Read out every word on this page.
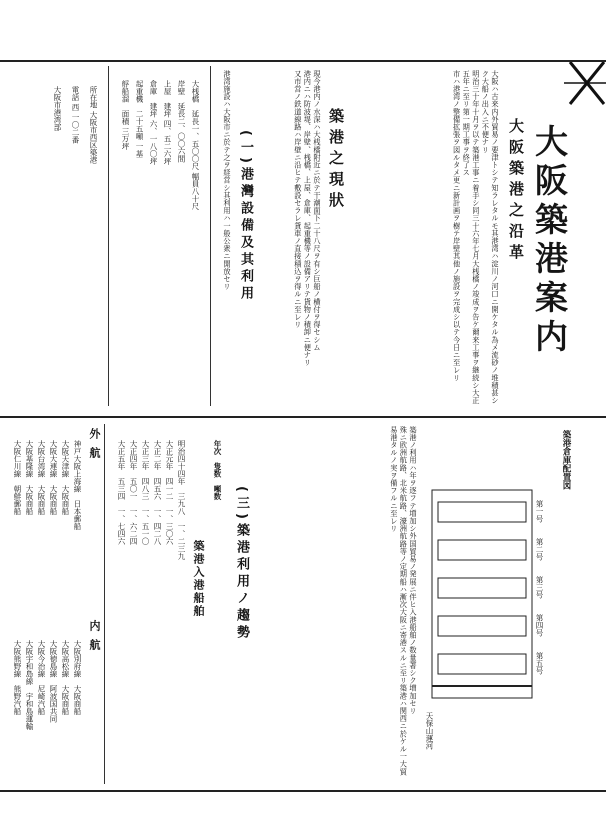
大阪築港案内
大阪築港之沿革

大阪ハ古来内外貿易ノ要津トシテ知ラレタルモ其港湾ハ淀川ノ河口ニ開ケタル為メ流砂ノ堆積甚シク大船ノ出入ニ不便ナリ

明治三十年十月ヲ以テ築港工事ニ着手シ同三十六年七月大桟橋ノ竣成ヲ告ケ爾来工事ヲ継続シ大正五年ニ至リ第一期工事ヲ終了ス

市ハ港湾ノ整備拡張ヲ図ルタメ更ニ新計画ヲ樹テ岸壁其他ノ施設ヲ完成シ以テ今日ニ至レリ

築港之現狀

現今港内ノ水深ハ大桟橋附近ニ於テ干潮面下二十八尺ヲ有シ巨船ノ横付ヲ得セシム

港内ニハ防波堤、岸壁、桟橋、上屋、倉庫、起重機等ノ設備アリテ貨物ノ積卸ニ便ナリ

又市営ノ鉄道線路ハ岸壁ニ沿ヒテ敷設セラレ貨車ノ直接積込ヲ得ルニ至レリ

(一)港灣設備及其利用

港湾施設ハ大阪市ニ於テ之ヲ経営シ其利用ハ一般公衆ニ開放セリ

大桟橋　延長一、五〇〇尺 幅員八十尺
岸壁　延長二、〇〇六間
上屋　建坪 四、五二六坪
倉庫　建坪 六、一八〇坪
起重機　二十五噸 一基
艀船溜　面積 三万坪
所在地 大阪市西区築港
電話 西 一〇二番
大阪市港湾部
第一号
第二号
第三号
第四号
第五号
築港倉庫配置図
天保山運河
(三)築港利用ノ趨勢	築港ノ利用ハ年ヲ逐フテ増加シ外国貿易ノ発展ニ伴ヒ入港船舶ノ数量著シク増加セリ

殊ニ欧洲航路、北米航路、濠洲航路等ノ定期船ハ漸次大阪ニ寄港スルニ至リ築港ハ関西ニ於ケル一大貿易港タルノ実ヲ備フルニ至レリ

築港入港船舶
年次　隻数　噸数
明治四十四年　三九八　一、二三九
大正元年　四一二　一、三〇六
大正二年　四五六　一、四二八
大正三年　四八三　一、五一〇
大正四年　五〇一　一、六二四
大正五年　五三四　一、七四六
外 航
神戸大阪上海線　日本郵船
大阪天津線　大阪商船
大阪大連線　大阪商船
大阪台湾線　大阪商船
大阪基隆線　大阪商船
大阪仁川線　朝鮮郵船
内 航
大阪別府線　大阪商船
大阪高松線　大阪商船
大阪徳島線　阿波国共同
大阪今治線　尼崎汽船
大阪宇和島線　宇和島運輸
大阪熊野線　熊野汽船
